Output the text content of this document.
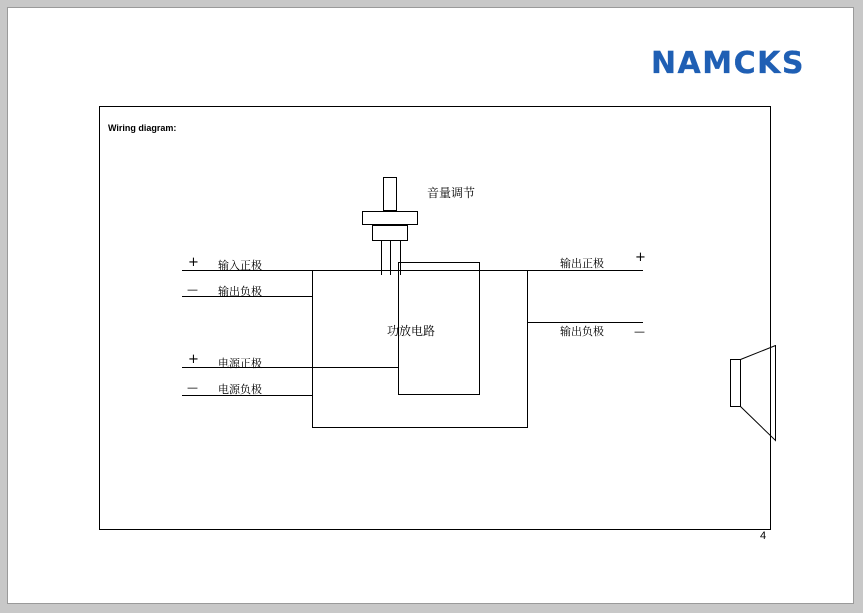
NAMCKS
Wiring diagram:
音量调节
功放电路
+ 输入正极
— 输出负极
+ 电源正极
— 电源负极
输出正极
输出负极
+
—
4
